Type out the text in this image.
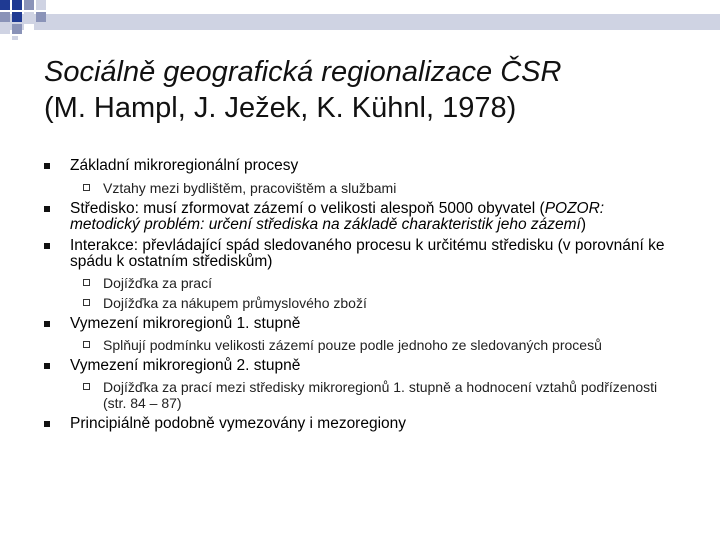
Sociálně geografická regionalizace ČSR
(M. Hampl, J. Ježek, K. Kühnl, 1978)
Základní mikroregionální procesy
Vztahy mezi bydlištěm, pracovištěm a službami
Středisko: musí zformovat zázemí o velikosti alespoň 5000 obyvatel (POZOR: metodický problém: určení střediska na základě charakteristik jeho zázemí)
Interakce: převládající spád sledovaného procesu k určitému středisku (v porovnání ke spádu k ostatním střediskům)
Dojížďka za prací
Dojížďka za nákupem průmyslového zboží
Vymezení mikroregionů 1. stupně
Splňují podmínku velikosti zázemí pouze podle jednoho ze sledovaných procesů
Vymezení mikroregionů 2. stupně
Dojížďka za prací mezi středisky mikroregionů 1. stupně a hodnocení vztahů podřízenosti (str. 84 – 87)
Principiálně podobně vymezovány i mezoregiony
